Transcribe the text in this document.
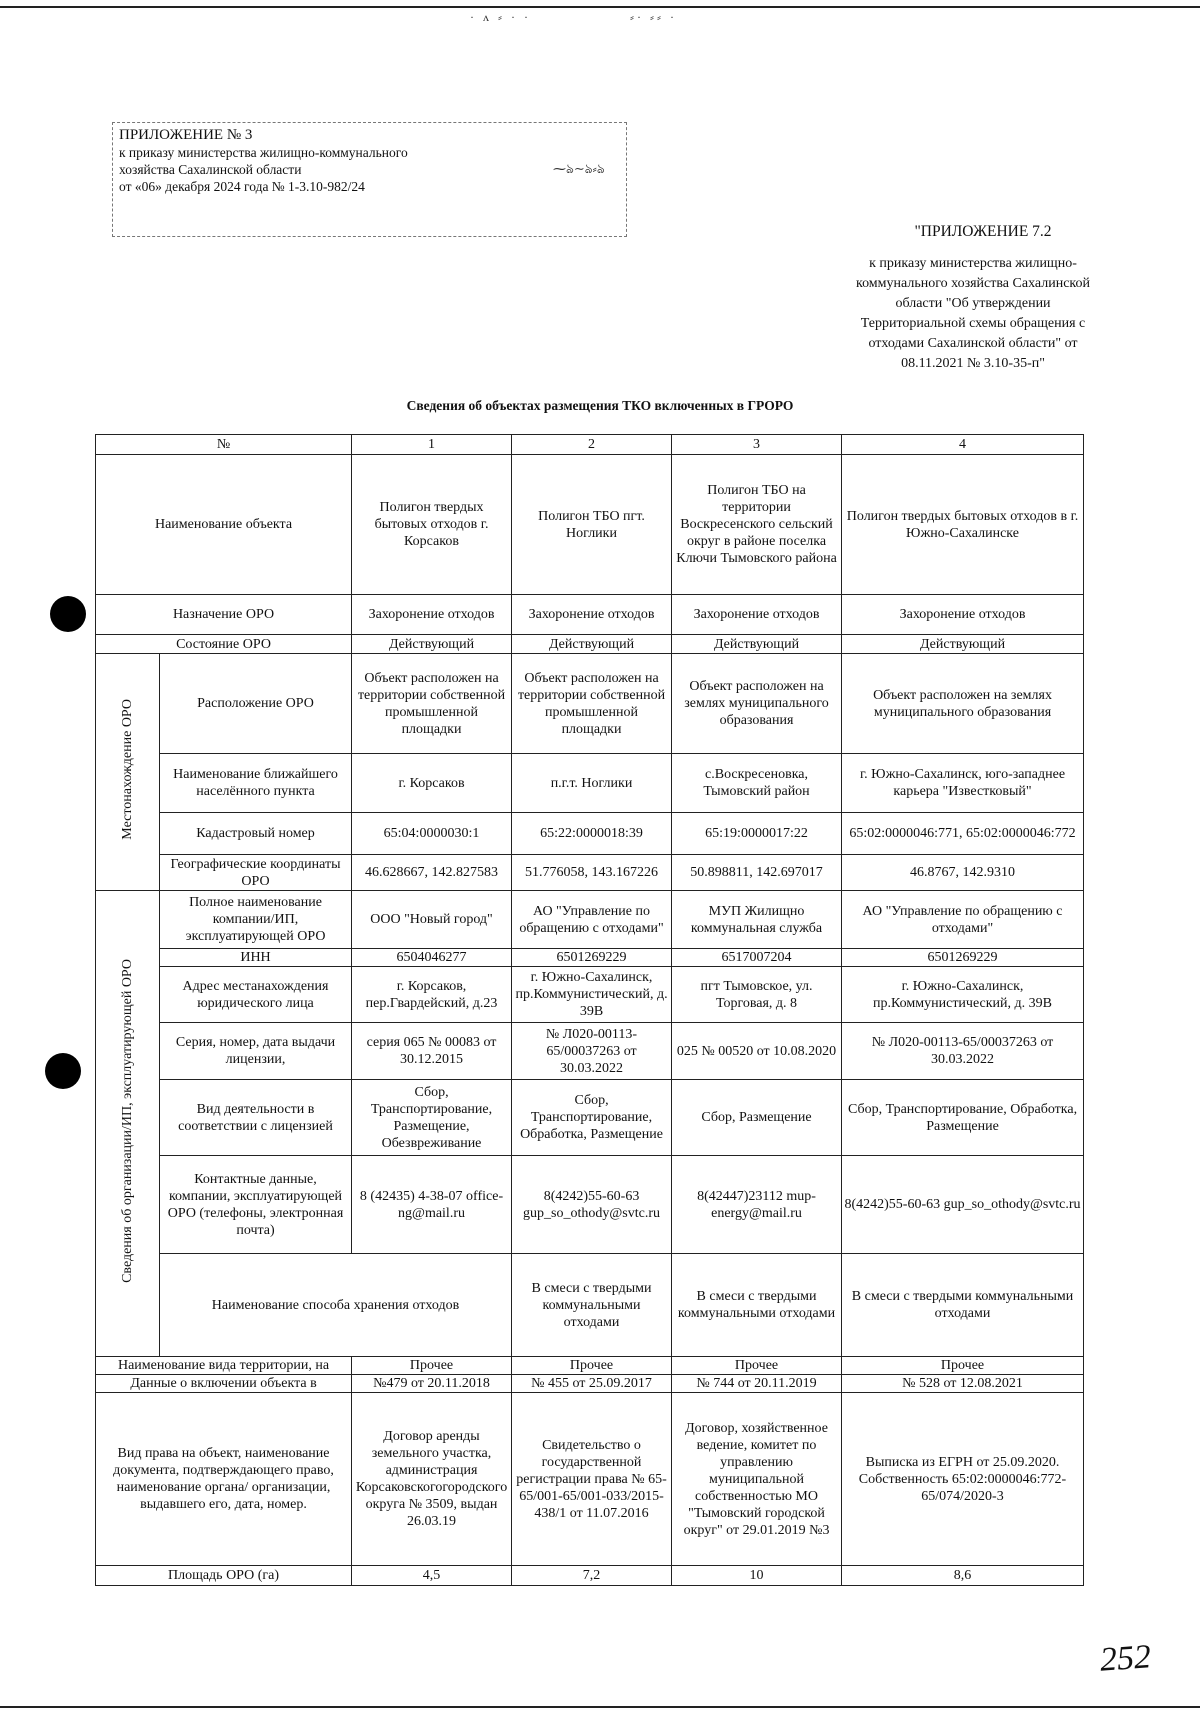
· ʌ ⸗ · ·	⸗· ⸗⸗ ·
ПРИЛОЖЕНИЕ № 3
к приказу министерства жилищно-коммунального
хозяйства Сахалинской области
от «06» декабря 2024 года № 1-3.10-982/24
⁓ঌ∼ঌ⸗ঌ
"ПРИЛОЖЕНИЕ 7.2
к приказу министерства жилищно-коммунального хозяйства Сахалинской области "Об утверждении Территориальной схемы обращения с отходами Сахалинской области" от 08.11.2021 № 3.10-35-п"
Сведения об объектах размещения ТКО включенных в ГРОРО
№		1	2	3	4	
Наименование объекта		Полигон твердых бытовых отходов г. Корсаков	Полигон ТБО пгт. Ноглики	Полигон ТБО на территории Воскресенского сельский округ в районе поселка Ключи Тымовского района	Полигон твердых бытовых отходов в г. Южно-Сахалинске	
Назначение ОРО		Захоронение отходов	Захоронение отходов	Захоронение отходов	Захоронение отходов	
Состояние ОРО		Действующий	Действующий	Действующий	Действующий	
Местонахождение ОРО	Расположение ОРО	Объект расположен на территории собственной промышленной площадки	Объект расположен на территории собственной промышленной площадки	Объект расположен на землях муниципального образования	Объект расположен на землях муниципального образования	
	Наименование ближайшего населённого пункта	г. Корсаков	п.г.т. Ноглики	с.Воскресеновка, Тымовский район	г. Южно-Сахалинск, юго-западнее карьера "Известковый"	
	Кадастровый номер	65:04:0000030:1	65:22:0000018:39	65:19:0000017:22	65:02:0000046:771, 65:02:0000046:772	
	Географические координаты ОРО	46.628667, 142.827583	51.776058, 143.167226	50.898811, 142.697017	46.8767, 142.9310	
Сведения об организации/ИП, эксплуатирующей ОРО	Полное наименование компании/ИП, эксплуатирующей ОРО	ООО "Новый город"	АО "Управление по обращению с отходами"	МУП Жилищно коммунальная служба	АО "Управление по обращению с отходами"	
	ИНН	6504046277	6501269229	6517007204	6501269229	
	Адрес местанахождения юридического лица	г. Корсаков, пер.Гвардейский, д.23	г. Южно-Сахалинск, пр.Коммунистический, д. 39В	пгт Тымовское, ул. Торговая, д. 8	г. Южно-Сахалинск, пр.Коммунистический, д. 39В	
	Серия, номер, дата выдачи лицензии,	серия 065 № 00083 от 30.12.2015	№ Л020-00113-65/00037263 от 30.03.2022	025 № 00520 от 10.08.2020	№ Л020-00113-65/00037263 от 30.03.2022	
	Вид деятельности в соответствии с лицензией	Сбор, Транспортирование, Размещение, Обезвреживание	Сбор, Транспортирование, Обработка, Размещение	Сбор, Размещение	Сбор, Транспортирование, Обработка, Размещение	
	Контактные данные, компании, эксплуатирующей ОРО (телефоны, электронная почта)	8 (42435) 4-38-07 office-ng@mail.ru	8(4242)55-60-63 gup_so_othody@svtc.ru	8(42447)23112 mup-energy@mail.ru	8(4242)55-60-63 gup_so_othody@svtc.ru	
	Наименование способа хранения отходов		В смеси с твердыми коммунальными отходами	В смеси с твердыми коммунальными отходами	В смеси с твердыми коммунальными отходами	
Наименование вида территории, на		Прочее	Прочее	Прочее	Прочее	
Данные о включении объекта в		№479 от 20.11.2018	№ 455 от 25.09.2017	№ 744 от 20.11.2019	№ 528 от 12.08.2021	
Вид права на объект, наименование документа, подтверждающего право, наименование органа/ организации, выдавшего его, дата, номер.		Договор аренды земельного участка, администрация Корсаковскогогородского округа № 3509, выдан 26.03.19	Свидетельство о государственной регистрации права № 65-65/001-65/001-033/2015-438/1 от 11.07.2016	Договор, хозяйственное ведение, комитет по управлению муниципальной собственностью МО "Тымовский городской округ" от 29.01.2019 №3	Выписка из ЕГРН от 25.09.2020. Собственность 65:02:0000046:772-65/074/2020-3	
Площадь ОРО (га)		4,5	7,2	10	8,6	
252
